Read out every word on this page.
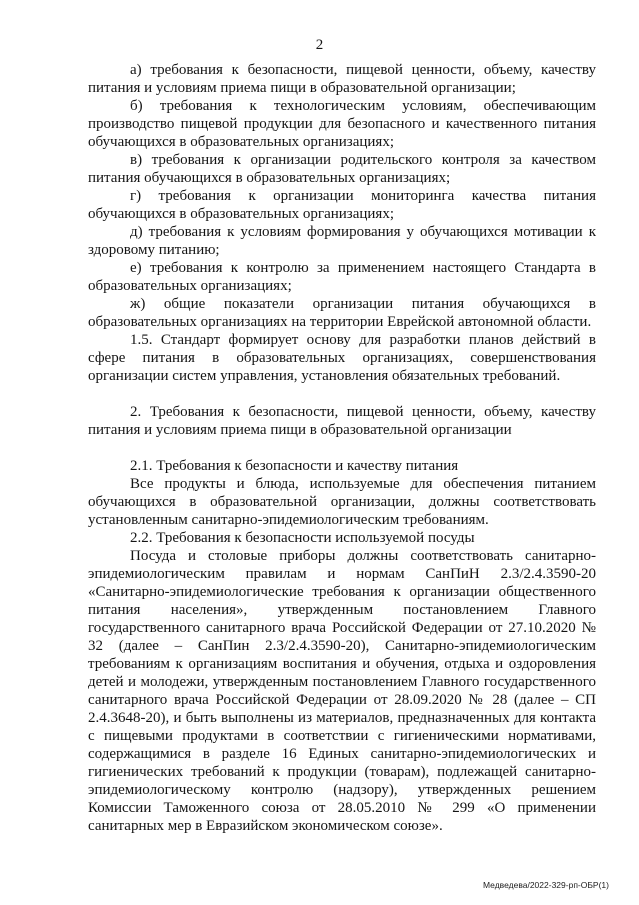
2

а) требования к безопасности, пищевой ценности, объему, качеству питания и условиям приема пищи в образовательной организации;

б) требования к технологическим условиям, обеспечивающим производство пищевой продукции для безопасного и качественного питания обучающихся в образовательных организациях;

в) требования к организации родительского контроля за качеством питания обучающихся в образовательных организациях;

г) требования к организации мониторинга качества питания обучающихся в образовательных организациях;

д) требования к условиям формирования у обучающихся мотивации к здоровому питанию;

е) требования к контролю за применением настоящего Стандарта в образовательных организациях;

ж) общие показатели организации питания обучающихся в образовательных организациях на территории Еврейской автономной области.

1.5. Стандарт формирует основу для разработки планов действий в сфере питания в образовательных организациях, совершенствования организации систем управления, установления обязательных требований.

2. Требования к безопасности, пищевой ценности, объему, качеству питания и условиям приема пищи в образовательной организации

2.1. Требования к безопасности и качеству питания

Все продукты и блюда, используемые для обеспечения питанием обучающихся в образовательной организации, должны соответствовать установленным санитарно-эпидемиологическим требованиям.

2.2. Требования к безопасности используемой посуды

Посуда и столовые приборы должны соответствовать санитарно-эпидемиологическим правилам и нормам СанПиН 2.3/2.4.3590-20 «Санитарно-эпидемиологические требования к организации общественного питания населения», утвержденным постановлением Главного государственного санитарного врача Российской Федерации от 27.10.2020 № 32 (далее – СанПин 2.3/2.4.3590-20), Санитарно-эпидемиологическим требованиям к организациям воспитания и обучения, отдыха и оздоровления детей и молодежи, утвержденным постановлением Главного государственного санитарного врача Российской Федерации от 28.09.2020 № 28 (далее – СП 2.4.3648-20), и быть выполнены из материалов, предназначенных для контакта с пищевыми продуктами в соответствии с гигиеническими нормативами, содержащимися в разделе 16 Единых санитарно-эпидемиологических и гигиенических требований к продукции (товарам), подлежащей санитарно-эпидемиологическому контролю (надзору), утвержденных решением Комиссии Таможенного союза от 28.05.2010 № 299 «О применении санитарных мер в Евразийском экономическом союзе».

Медведева/2022-329-рп-ОБР(1)
